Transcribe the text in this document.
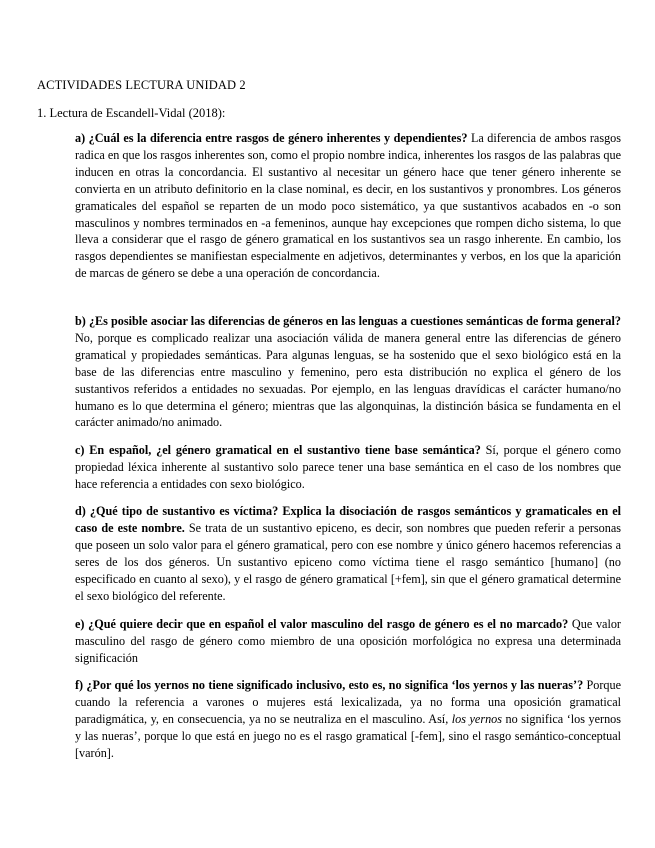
ACTIVIDADES LECTURA UNIDAD 2
1. Lectura de Escandell-Vidal (2018):
a) ¿Cuál es la diferencia entre rasgos de género inherentes y dependientes? La diferencia de ambos rasgos radica en que los rasgos inherentes son, como el propio nombre indica, inherentes los rasgos de las palabras que inducen en otras la concordancia. El sustantivo al necesitar un género hace que tener género inherente se convierta en un atributo definitorio en la clase nominal, es decir, en los sustantivos y pronombres. Los géneros gramaticales del español se reparten de un modo poco sistemático, ya que sustantivos acabados en -o son masculinos y nombres terminados en -a femeninos, aunque hay excepciones que rompen dicho sistema, lo que lleva a considerar que el rasgo de género gramatical en los sustantivos sea un rasgo inherente. En cambio, los rasgos dependientes se manifiestan especialmente en adjetivos, determinantes y verbos, en los que la aparición de marcas de género se debe a una operación de concordancia.
b) ¿Es posible asociar las diferencias de géneros en las lenguas a cuestiones semánticas de forma general? No, porque es complicado realizar una asociación válida de manera general entre las diferencias de género gramatical y propiedades semánticas. Para algunas lenguas, se ha sostenido que el sexo biológico está en la base de las diferencias entre masculino y femenino, pero esta distribución no explica el género de los sustantivos referidos a entidades no sexuadas. Por ejemplo, en las lenguas dravídicas el carácter humano/no humano es lo que determina el género; mientras que las algonquinas, la distinción básica se fundamenta en el carácter animado/no animado.
c) En español, ¿el género gramatical en el sustantivo tiene base semántica? Sí, porque el género como propiedad léxica inherente al sustantivo solo parece tener una base semántica en el caso de los nombres que hace referencia a entidades con sexo biológico.
d) ¿Qué tipo de sustantivo es víctima? Explica la disociación de rasgos semánticos y gramaticales en el caso de este nombre. Se trata de un sustantivo epiceno, es decir, son nombres que pueden referir a personas que poseen un solo valor para el género gramatical, pero con ese nombre y único género hacemos referencias a seres de los dos géneros. Un sustantivo epiceno como víctima tiene el rasgo semántico [humano] (no especificado en cuanto al sexo), y el rasgo de género gramatical [+fem], sin que el género gramatical determine el sexo biológico del referente.
e) ¿Qué quiere decir que en español el valor masculino del rasgo de género es el no marcado? Que valor masculino del rasgo de género como miembro de una oposición morfológica no expresa una determinada significación
f) ¿Por qué los yernos no tiene significado inclusivo, esto es, no significa ‘los yernos y las nueras’? Porque cuando la referencia a varones o mujeres está lexicalizada, ya no forma una oposición gramatical paradigmática, y, en consecuencia, ya no se neutraliza en el masculino. Así, los yernos no significa ‘los yernos y las nueras’, porque lo que está en juego no es el rasgo gramatical [-fem], sino el rasgo semántico-conceptual [varón].
